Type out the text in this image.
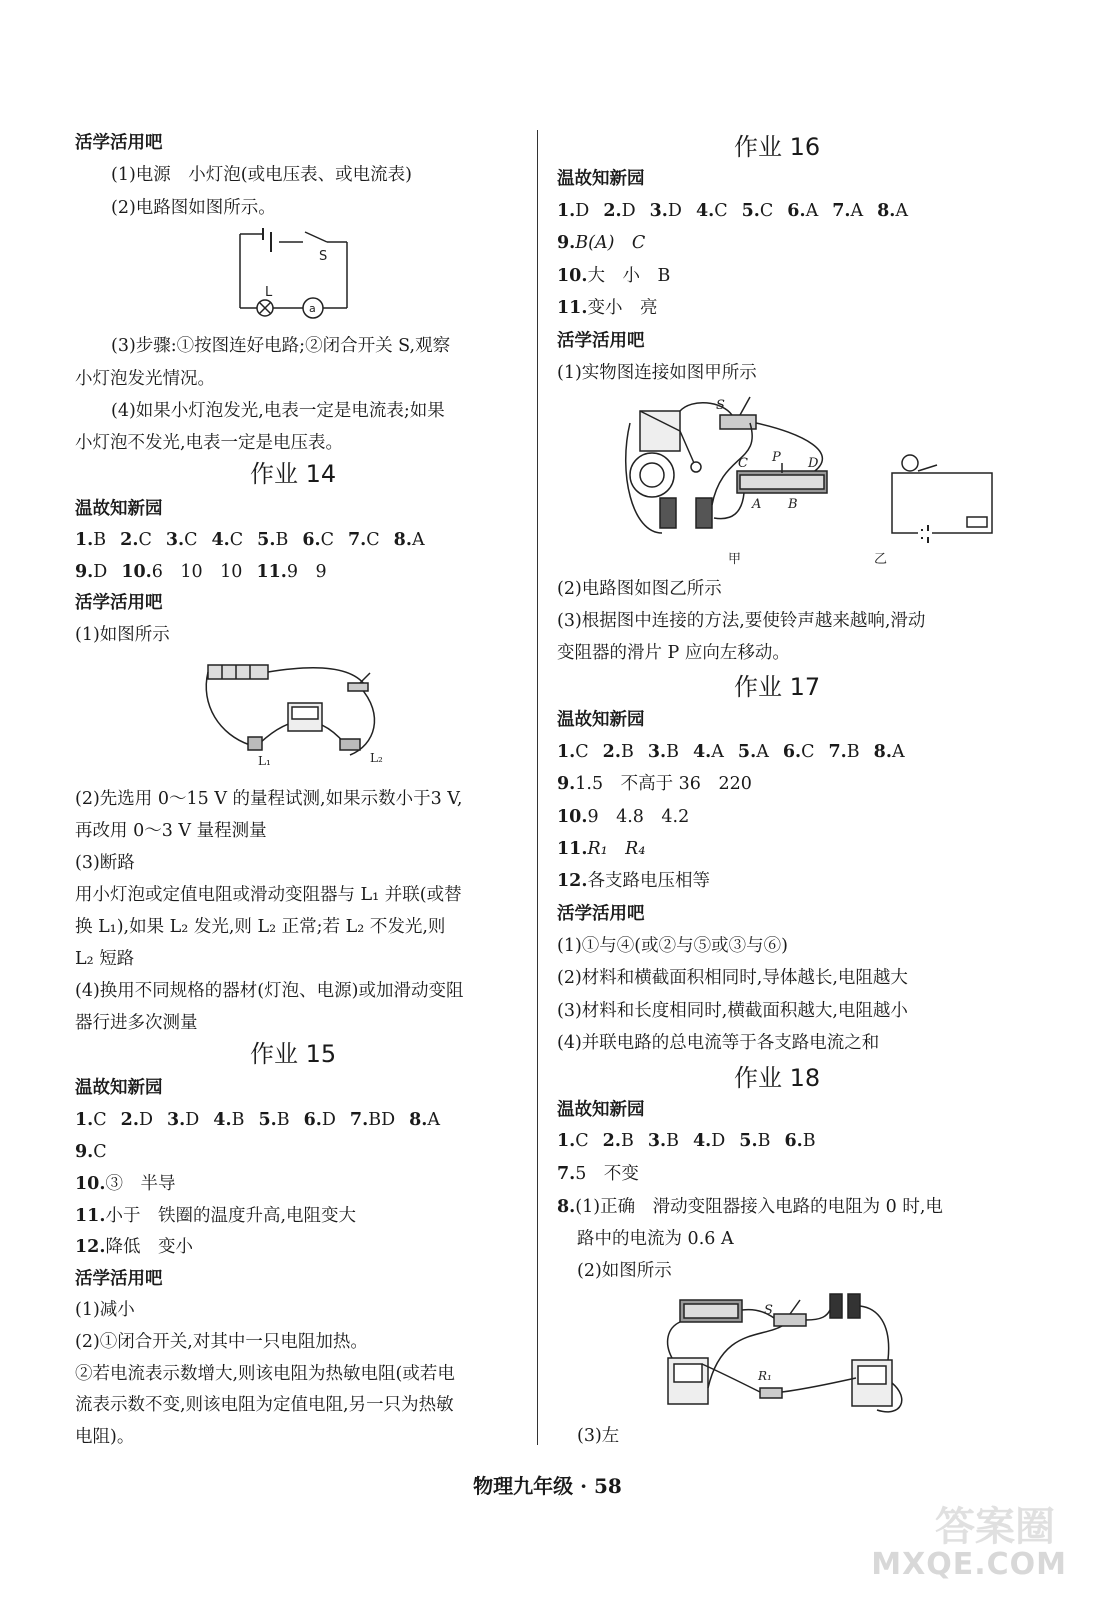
活学活用吧
(1)电源　小灯泡(或电压表、或电流表)
(2)电路图如图所示。
S
L
a
(3)步骤:①按图连好电路;②闭合开关 S,观察
小灯泡发光情况。
(4)如果小灯泡发光,电表一定是电流表;如果
小灯泡不发光,电表一定是电压表。
作业 14
温故知新园
1.B 2.C 3.C 4.C 5.B 6.C 7.C 8.A
9.D 10.6　10　10 11.9　9
活学活用吧
(1)如图所示
L₁	L₂
(2)先选用 0～15 V 的量程试测,如果示数小于3 V,
再改用 0～3 V 量程测量
(3)断路
用小灯泡或定值电阻或滑动变阻器与 L₁ 并联(或替
换 L₁),如果 L₂ 发光,则 L₂ 正常;若 L₂ 不发光,则
L₂ 短路
(4)换用不同规格的器材(灯泡、电源)或加滑动变阻
器行进多次测量
作业 15
温故知新园
1.C 2.D 3.D 4.B 5.B 6.D 7.BD 8.A
9.C
10.③　半导
11.小于　铁圈的温度升高,电阻变大
12.降低　变小
活学活用吧
(1)减小
(2)①闭合开关,对其中一只电阻加热。
②若电流表示数增大,则该电阻为热敏电阻(或若电
流表示数不变,则该电阻为定值电阻,另一只为热敏
电阻)。
作业 16
温故知新园
1.D 2.D 3.D 4.C 5.C 6.A 7.A 8.A
9.B(A)　C
10.大　小　B
11.变小　亮
活学活用吧
(1)实物图连接如图甲所示
S
C P D
A B
甲	乙
(2)电路图如图乙所示
(3)根据图中连接的方法,要使铃声越来越响,滑动
变阻器的滑片 P 应向左移动。
作业 17
温故知新园
1.C 2.B 3.B 4.A 5.A 6.C 7.B 8.A
9.1.5　不高于 36　220
10.9　4.8　4.2
11.R₁　R₄
12.各支路电压相等
活学活用吧
(1)①与④(或②与⑤或③与⑥)
(2)材料和横截面积相同时,导体越长,电阻越大
(3)材料和长度相同时,横截面积越大,电阻越小
(4)并联电路的总电流等于各支路电流之和
作业 18
温故知新园
1.C 2.B 3.B 4.D 5.B 6.B
7.5　不变
8.(1)正确　滑动变阻器接入电路的电阻为 0 时,电
路中的电流为 0.6 A
(2)如图所示
S
R₁
(3)左
物理九年级 · 58
答案圈
MXQE.COM
